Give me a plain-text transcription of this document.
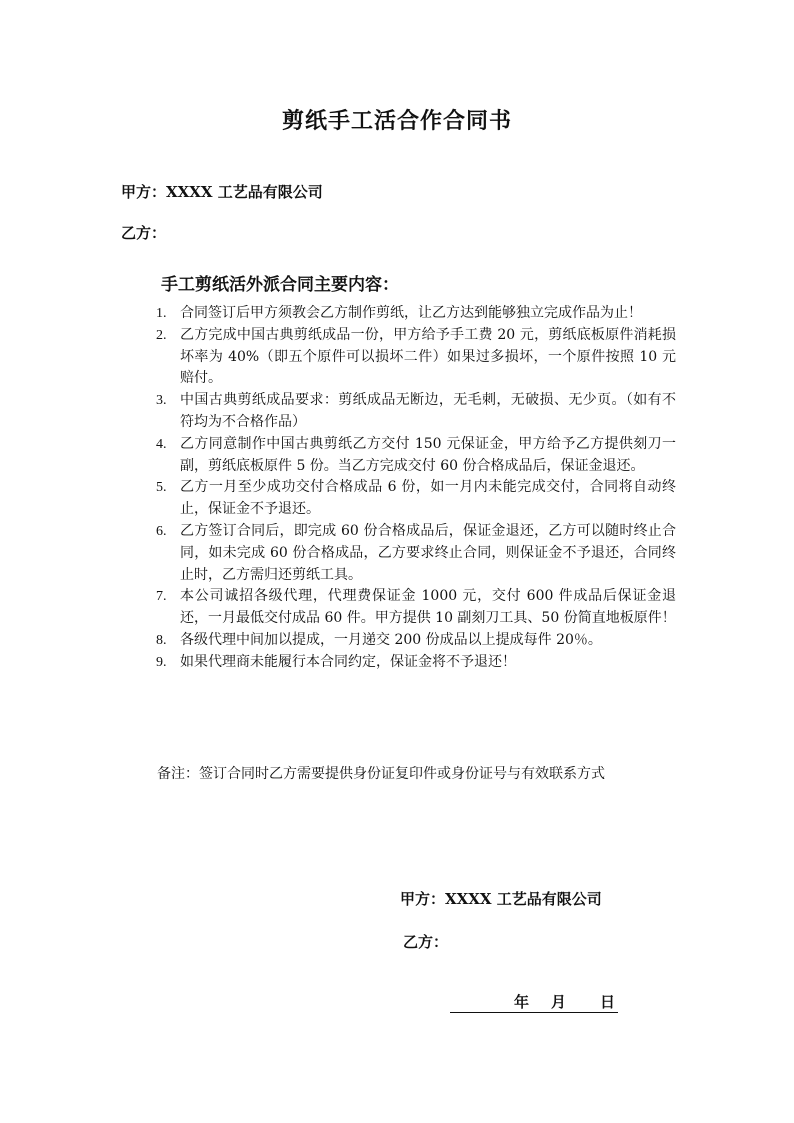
剪纸手工活合作合同书
甲方：XXXX 工艺品有限公司
乙方：
手工剪纸活外派合同主要内容：
1. 合同签订后甲方须教会乙方制作剪纸，让乙方达到能够独立完成作品为止！
2. 乙方完成中国古典剪纸成品一份，甲方给予手工费 20 元，剪纸底板原件消耗损坏率为 40%（即五个原件可以损坏二件）如果过多损坏，一个原件按照 10 元赔付。
3. 中国古典剪纸成品要求：剪纸成品无断边，无毛刺，无破损、无少页。（如有不符均为不合格作品）
4. 乙方同意制作中国古典剪纸乙方交付 150 元保证金，甲方给予乙方提供刻刀一副，剪纸底板原件 5 份。当乙方完成交付 60 份合格成品后，保证金退还。
5. 乙方一月至少成功交付合格成品 6 份，如一月内未能完成交付，合同将自动终止，保证金不予退还。
6. 乙方签订合同后，即完成 60 份合格成品后，保证金退还，乙方可以随时终止合同，如未完成 60 份合格成品，乙方要求终止合同，则保证金不予退还，合同终止时，乙方需归还剪纸工具。
7. 本公司诚招各级代理，代理费保证金 1000 元，交付 600 件成品后保证金退还，一月最低交付成品 60 件。甲方提供 10 副刻刀工具、50 份简直地板原件！
8. 各级代理中间加以提成，一月递交 200 份成品以上提成每件 20％。
9. 如果代理商未能履行本合同约定，保证金将不予退还！
备注：签订合同时乙方需要提供身份证复印件或身份证号与有效联系方式
甲方：XXXX 工艺品有限公司
乙方：
年 月 日
